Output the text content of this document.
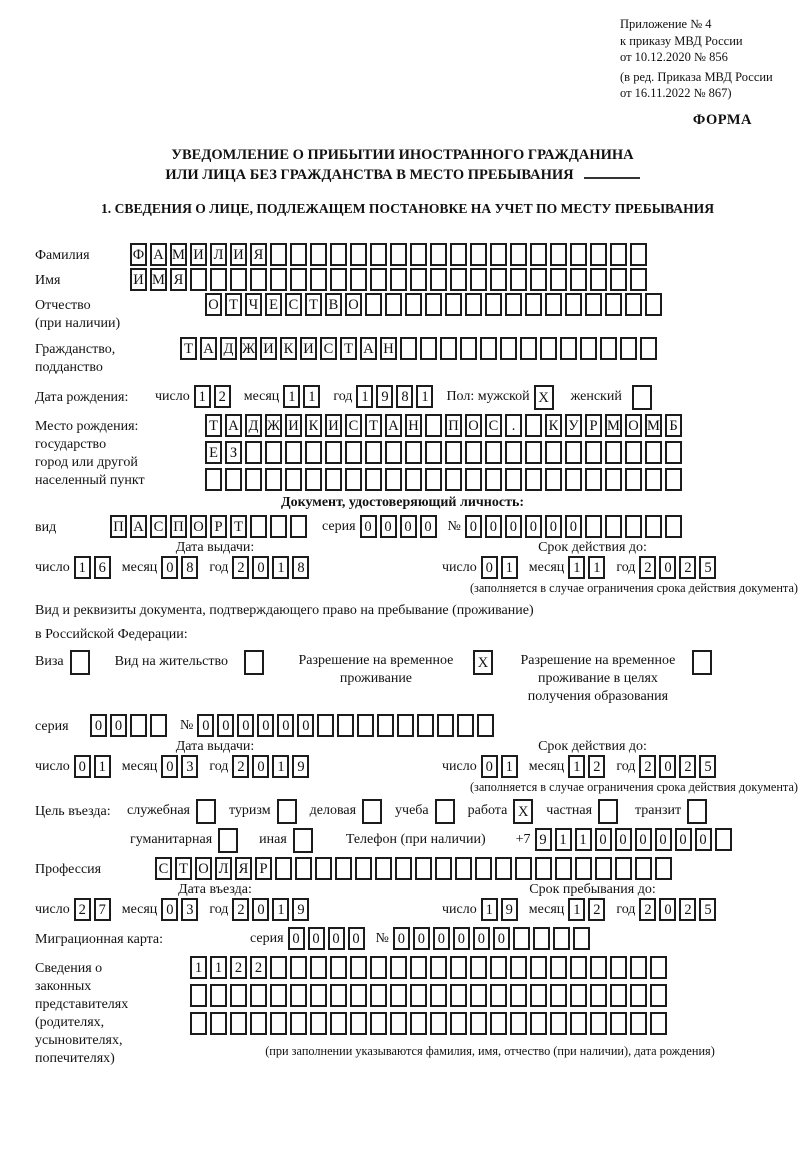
Приложение № 4
к приказу МВД России
от 10.12.2020 № 856
(в ред. Приказа МВД России
от 16.11.2022 № 867)
ФОРМА
УВЕДОМЛЕНИЕ О ПРИБЫТИИ ИНОСТРАННОГО ГРАЖДАНИНА
ИЛИ ЛИЦА БЕЗ ГРАЖДАНСТВА В МЕСТО ПРЕБЫВАНИЯ
1. СВЕДЕНИЯ О ЛИЦЕ, ПОДЛЕЖАЩЕМ ПОСТАНОВКЕ НА УЧЕТ ПО МЕСТУ ПРЕБЫВАНИЯ
Фамилия	Ф А М И Л И Я
Имя	И М Я
Отчество
(при наличии)
О Т Ч Е С Т В О
Гражданство,
подданство
Т А Д Ж И К И С Т А Н
Дата рождения:	число 1 2	месяц 1 1	год 1 9 8 1	Пол: мужской X	женский
Место рождения:
государство
город или другой
населенный пункт
Т А Д Ж И К И С Т А Н П О С .	К У Р М О М Б
Е З
Документ, удостоверяющий личность:
вид	П А С П О Р Т	серия 0 0 0 0	№ 0 0 0 0 0 0
Дата выдачи:	Срок действия до:
число 1 6	месяц 0 8	год 2 0 1 8	число 0 1	месяц 1 1	год 2 0 2 5
(заполняется в случае ограничения срока действия документа)
Вид и реквизиты документа, подтверждающего право на пребывание (проживание)
в Российской Федерации:
Виза	Вид на жительство	Разрешение на временное
проживание
X	Разрешение на временное
проживание в целях
получения образования
серия	0 0	№ 0 0 0 0 0 0
Дата выдачи:	Срок действия до:
число 0 1	месяц 0 3	год 2 0 1 9	число 0 1	месяц 1 2	год 2 0 2 5
(заполняется в случае ограничения срока действия документа)
Цель въезда:	служебная	туризм	деловая	учеба	работа X	частная	транзит
гуманитарная	иная	Телефон (при наличии) +7 9 1 1 0 0 0 0 0 0
Профессия	С Т О Л Я Р
Дата въезда:	Срок пребывания до:
число 2 7	месяц 0 3	год 2 0 1 9	число 1 9	месяц 1 2	год 2 0 2 5
Миграционная карта:	серия 0 0 0 0	№ 0 0 0 0 0 0
Сведения о
законных
представителях
(родителях,
усыновителях,
попечителях)
1 1 2 2
(при заполнении указываются фамилия, имя, отчество (при наличии), дата рождения)
